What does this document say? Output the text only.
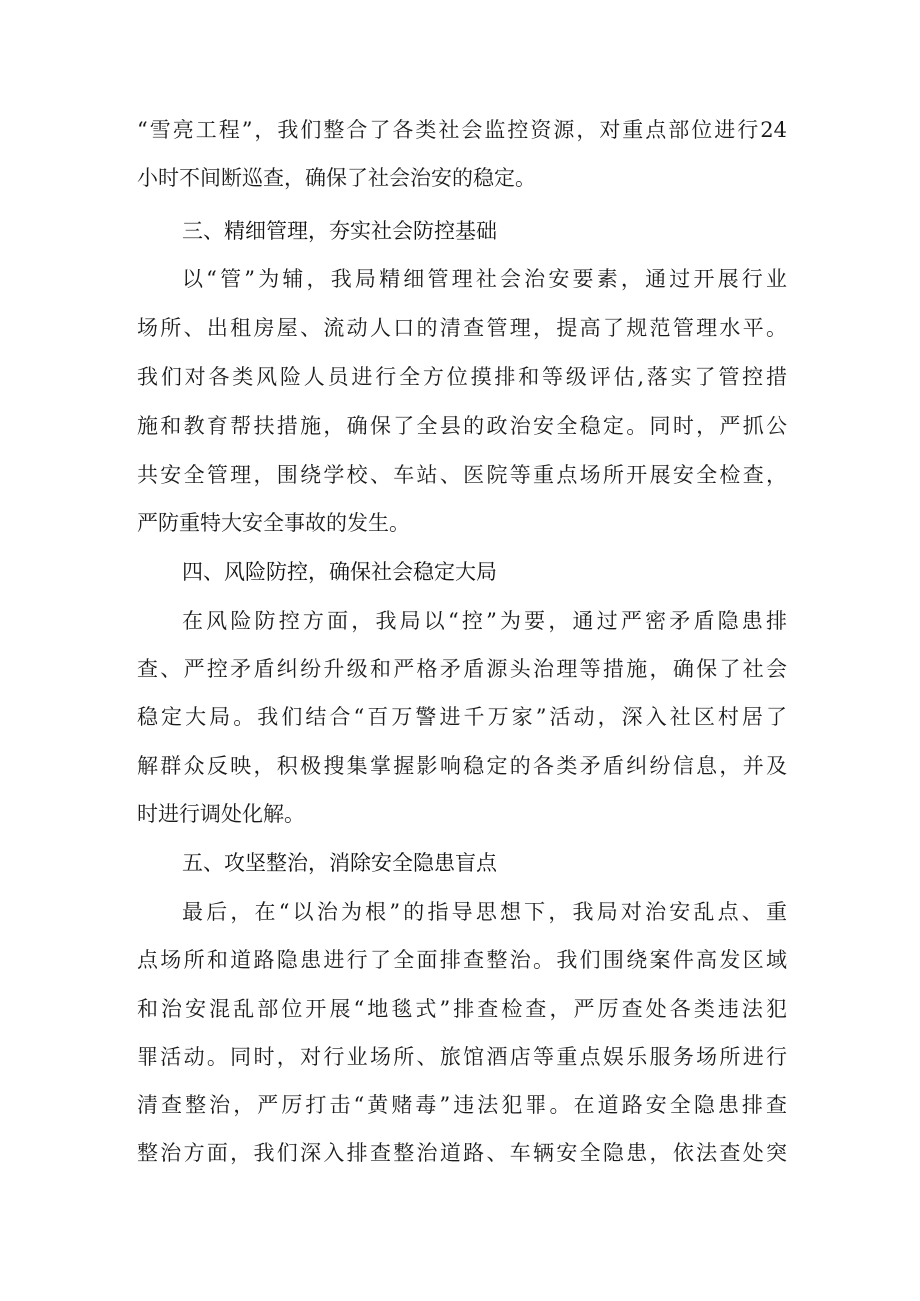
“雪亮工程”，我们整合了各类社会监控资源，对重点部位进行24
小时不间断巡查，确保了社会治安的稳定。
三、精细管理，夯实社会防控基础
以“管”为辅，我局精细管理社会治安要素，通过开展行业
场所、出租房屋、流动人口的清查管理，提高了规范管理水平。
我们对各类风险人员进行全方位摸排和等级评估,落实了管控措
施和教育帮扶措施，确保了全县的政治安全稳定。同时，严抓公
共安全管理，围绕学校、车站、医院等重点场所开展安全检查，
严防重特大安全事故的发生。
四、风险防控，确保社会稳定大局
在风险防控方面，我局以“控”为要，通过严密矛盾隐患排
查、严控矛盾纠纷升级和严格矛盾源头治理等措施，确保了社会
稳定大局。我们结合“百万警进千万家”活动，深入社区村居了
解群众反映，积极搜集掌握影响稳定的各类矛盾纠纷信息，并及
时进行调处化解。
五、攻坚整治，消除安全隐患盲点
最后，在“以治为根”的指导思想下，我局对治安乱点、重
点场所和道路隐患进行了全面排查整治。我们围绕案件高发区域
和治安混乱部位开展“地毯式”排查检查，严厉查处各类违法犯
罪活动。同时，对行业场所、旅馆酒店等重点娱乐服务场所进行
清查整治，严厉打击“黄赌毒”违法犯罪。在道路安全隐患排查
整治方面，我们深入排查整治道路、车辆安全隐患，依法查处突
